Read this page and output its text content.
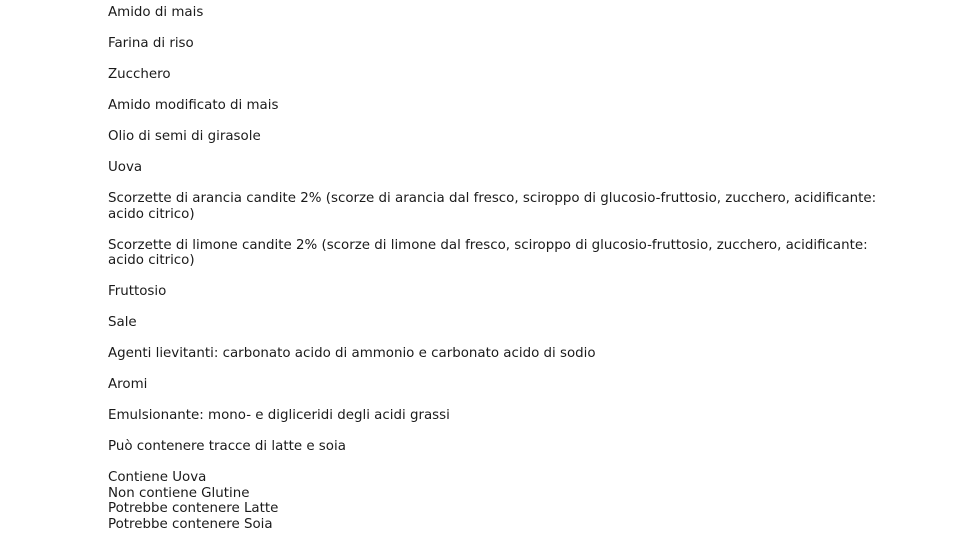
Amido di mais

Farina di riso

Zucchero

Amido modificato di mais

Olio di semi di girasole

Uova

Scorzette di arancia candite 2% (scorze di arancia dal fresco, sciroppo di glucosio-fruttosio, zucchero, acidificante: acido citrico)

Scorzette di limone candite 2% (scorze di limone dal fresco, sciroppo di glucosio-fruttosio, zucchero, acidificante: acido citrico)

Fruttosio

Sale

Agenti lievitanti: carbonato acido di ammonio e carbonato acido di sodio

Aromi

Emulsionante: mono- e digliceridi degli acidi grassi

Può contenere tracce di latte e soia

Contiene Uova
Non contiene Glutine
Potrebbe contenere Latte
Potrebbe contenere Soia
